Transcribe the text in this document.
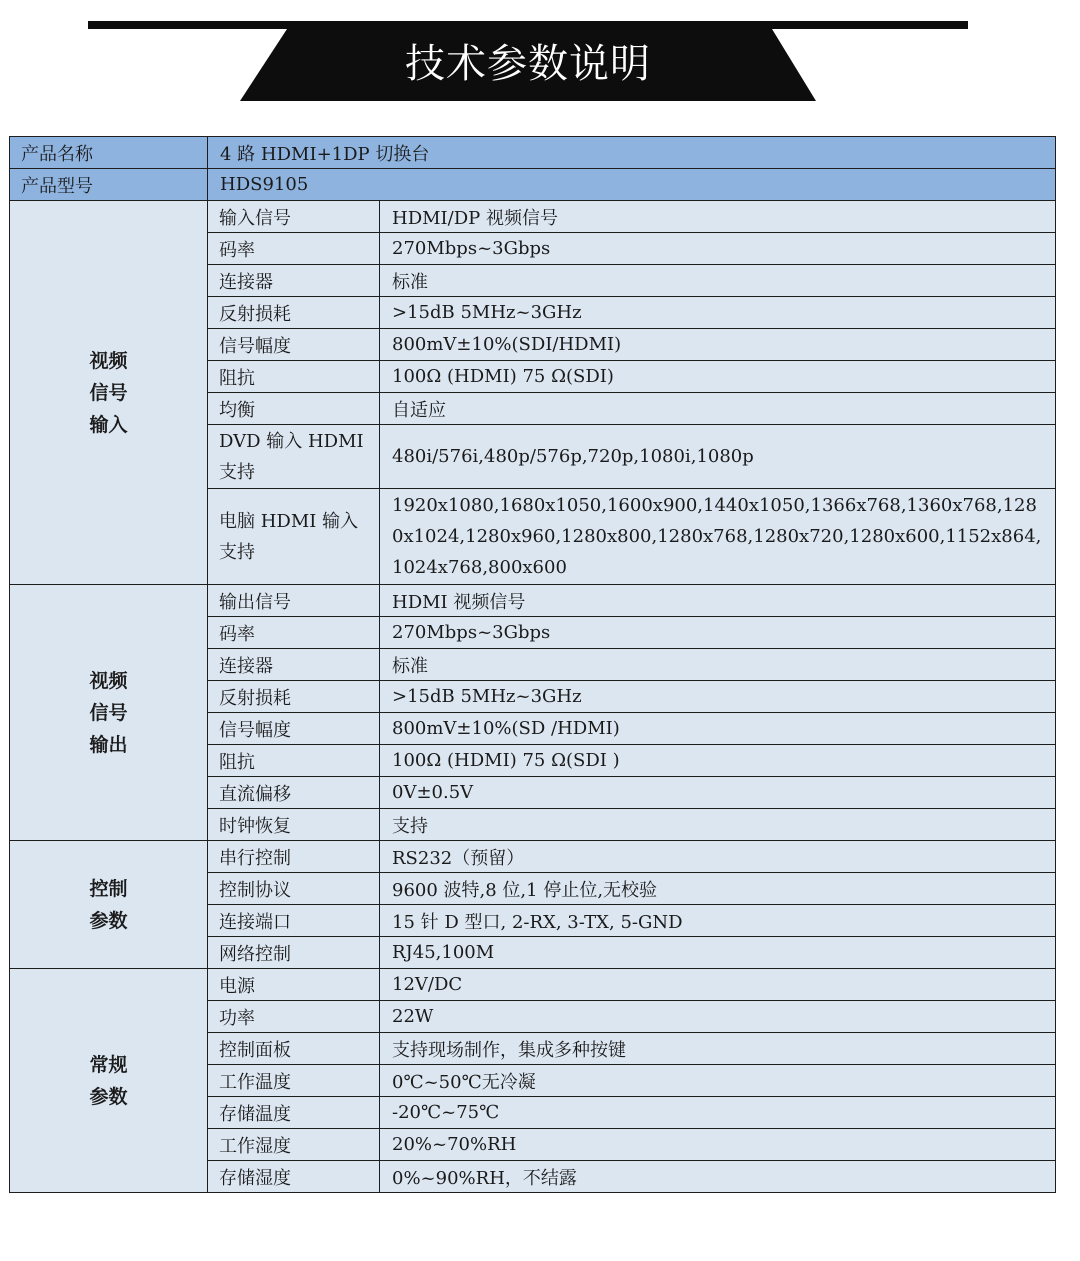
技术参数说明
产品名称	4 路 HDMI+1DP 切换台	
产品型号	HDS9105	

视频
信号
输入	输入信号	HDMI/DP 视频信号
	码率	270Mbps~3Gbps
	连接器	标准
	反射损耗	>15dB 5MHz~3GHz
	信号幅度	800mV±10%(SDI/HDMI)
	阻抗	100Ω (HDMI) 75 Ω(SDI)
	均衡	自适应
	DVD 输入 HDMI 支持	480i/576i,480p/576p,720p,1080i,1080p
	电脑 HDMI 输入支持	1920x1080,1680x1050,1600x900,1440x1050,1366x768,1360x768,1280x1024,1280x960,1280x800,1280x768,1280x720,1280x600,1152x864,1024x768,800x600

视频
信号
输出	输出信号	HDMI 视频信号
	码率	270Mbps~3Gbps
	连接器	标准
	反射损耗	>15dB 5MHz~3GHz
	信号幅度	800mV±10%(SD /HDMI)
	阻抗	100Ω (HDMI) 75 Ω(SDI )
	直流偏移	0V±0.5V
	时钟恢复	支持

控制
参数	串行控制	RS232（预留）
	控制协议	9600 波特,8 位,1 停止位,无校验
	连接端口	15 针 D 型口, 2-RX, 3-TX, 5-GND
	网络控制	RJ45,100M

常规
参数	电源	12V/DC
	功率	22W
	控制面板	支持现场制作，集成多种按键
	工作温度	0℃~50℃无冷凝
	存储温度	-20℃~75℃
	工作湿度	20%~70%RH
	存储湿度	0%~90%RH，不结露
